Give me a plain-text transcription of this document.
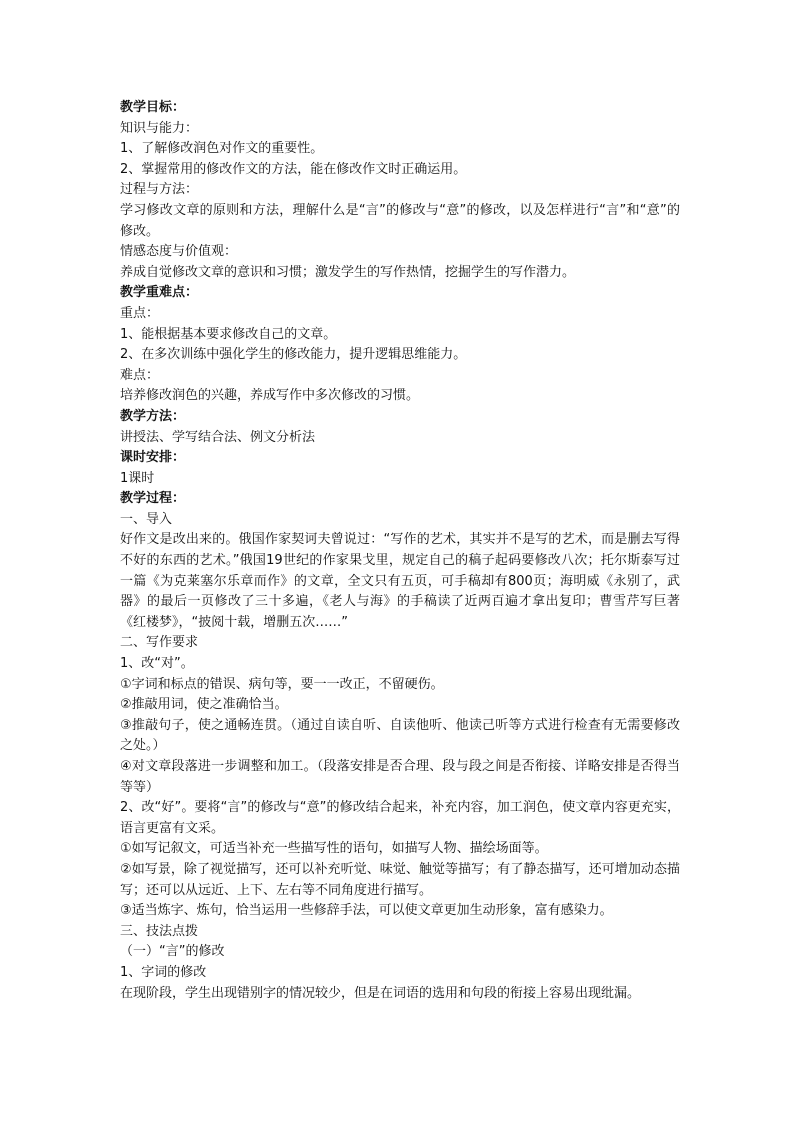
教学目标：
知识与能力：
1、了解修改润色对作文的重要性。
2、掌握常用的修改作文的方法，能在修改作文时正确运用。
过程与方法：
学习修改文章的原则和方法，理解什么是“言”的修改与“意”的修改，以及怎样进行“言”和“意”的修改。
情感态度与价值观：
养成自觉修改文章的意识和习惯；激发学生的写作热情，挖掘学生的写作潜力。
教学重难点：
重点：
1、能根据基本要求修改自己的文章。
2、在多次训练中强化学生的修改能力，提升逻辑思维能力。
难点：
培养修改润色的兴趣，养成写作中多次修改的习惯。
教学方法：
讲授法、学写结合法、例文分析法
课时安排：
1课时
教学过程：
一、导入
好作文是改出来的。俄国作家契诃夫曾说过：“写作的艺术，其实并不是写的艺术，而是删去写得不好的东西的艺术。”俄国19世纪的作家果戈里，规定自己的稿子起码要修改八次；托尔斯泰写过一篇《为克莱塞尔乐章而作》的文章，全文只有五页，可手稿却有800页；海明威《永别了，武器》的最后一页修改了三十多遍，《老人与海》的手稿读了近两百遍才拿出复印；曹雪芹写巨著《红楼梦》，“披阅十载，增删五次……”
二、写作要求
1、改“对”。
①字词和标点的错误、病句等，要一一改正，不留硬伤。
②推敲用词，使之准确恰当。
③推敲句子，使之通畅连贯。（通过自读自听、自读他听、他读己听等方式进行检查有无需要修改之处。）
④对文章段落进一步调整和加工。（段落安排是否合理、段与段之间是否衔接、详略安排是否得当等等）
2、改“好”。要将“言”的修改与“意”的修改结合起来，补充内容，加工润色，使文章内容更充实，语言更富有文采。
①如写记叙文，可适当补充一些描写性的语句，如描写人物、描绘场面等。
②如写景，除了视觉描写，还可以补充听觉、味觉、触觉等描写；有了静态描写，还可增加动态描写；还可以从远近、上下、左右等不同角度进行描写。
③适当炼字、炼句，恰当运用一些修辞手法，可以使文章更加生动形象，富有感染力。
三、技法点拨
（一）“言”的修改
1、字词的修改
在现阶段，学生出现错别字的情况较少，但是在词语的选用和句段的衔接上容易出现纰漏。
